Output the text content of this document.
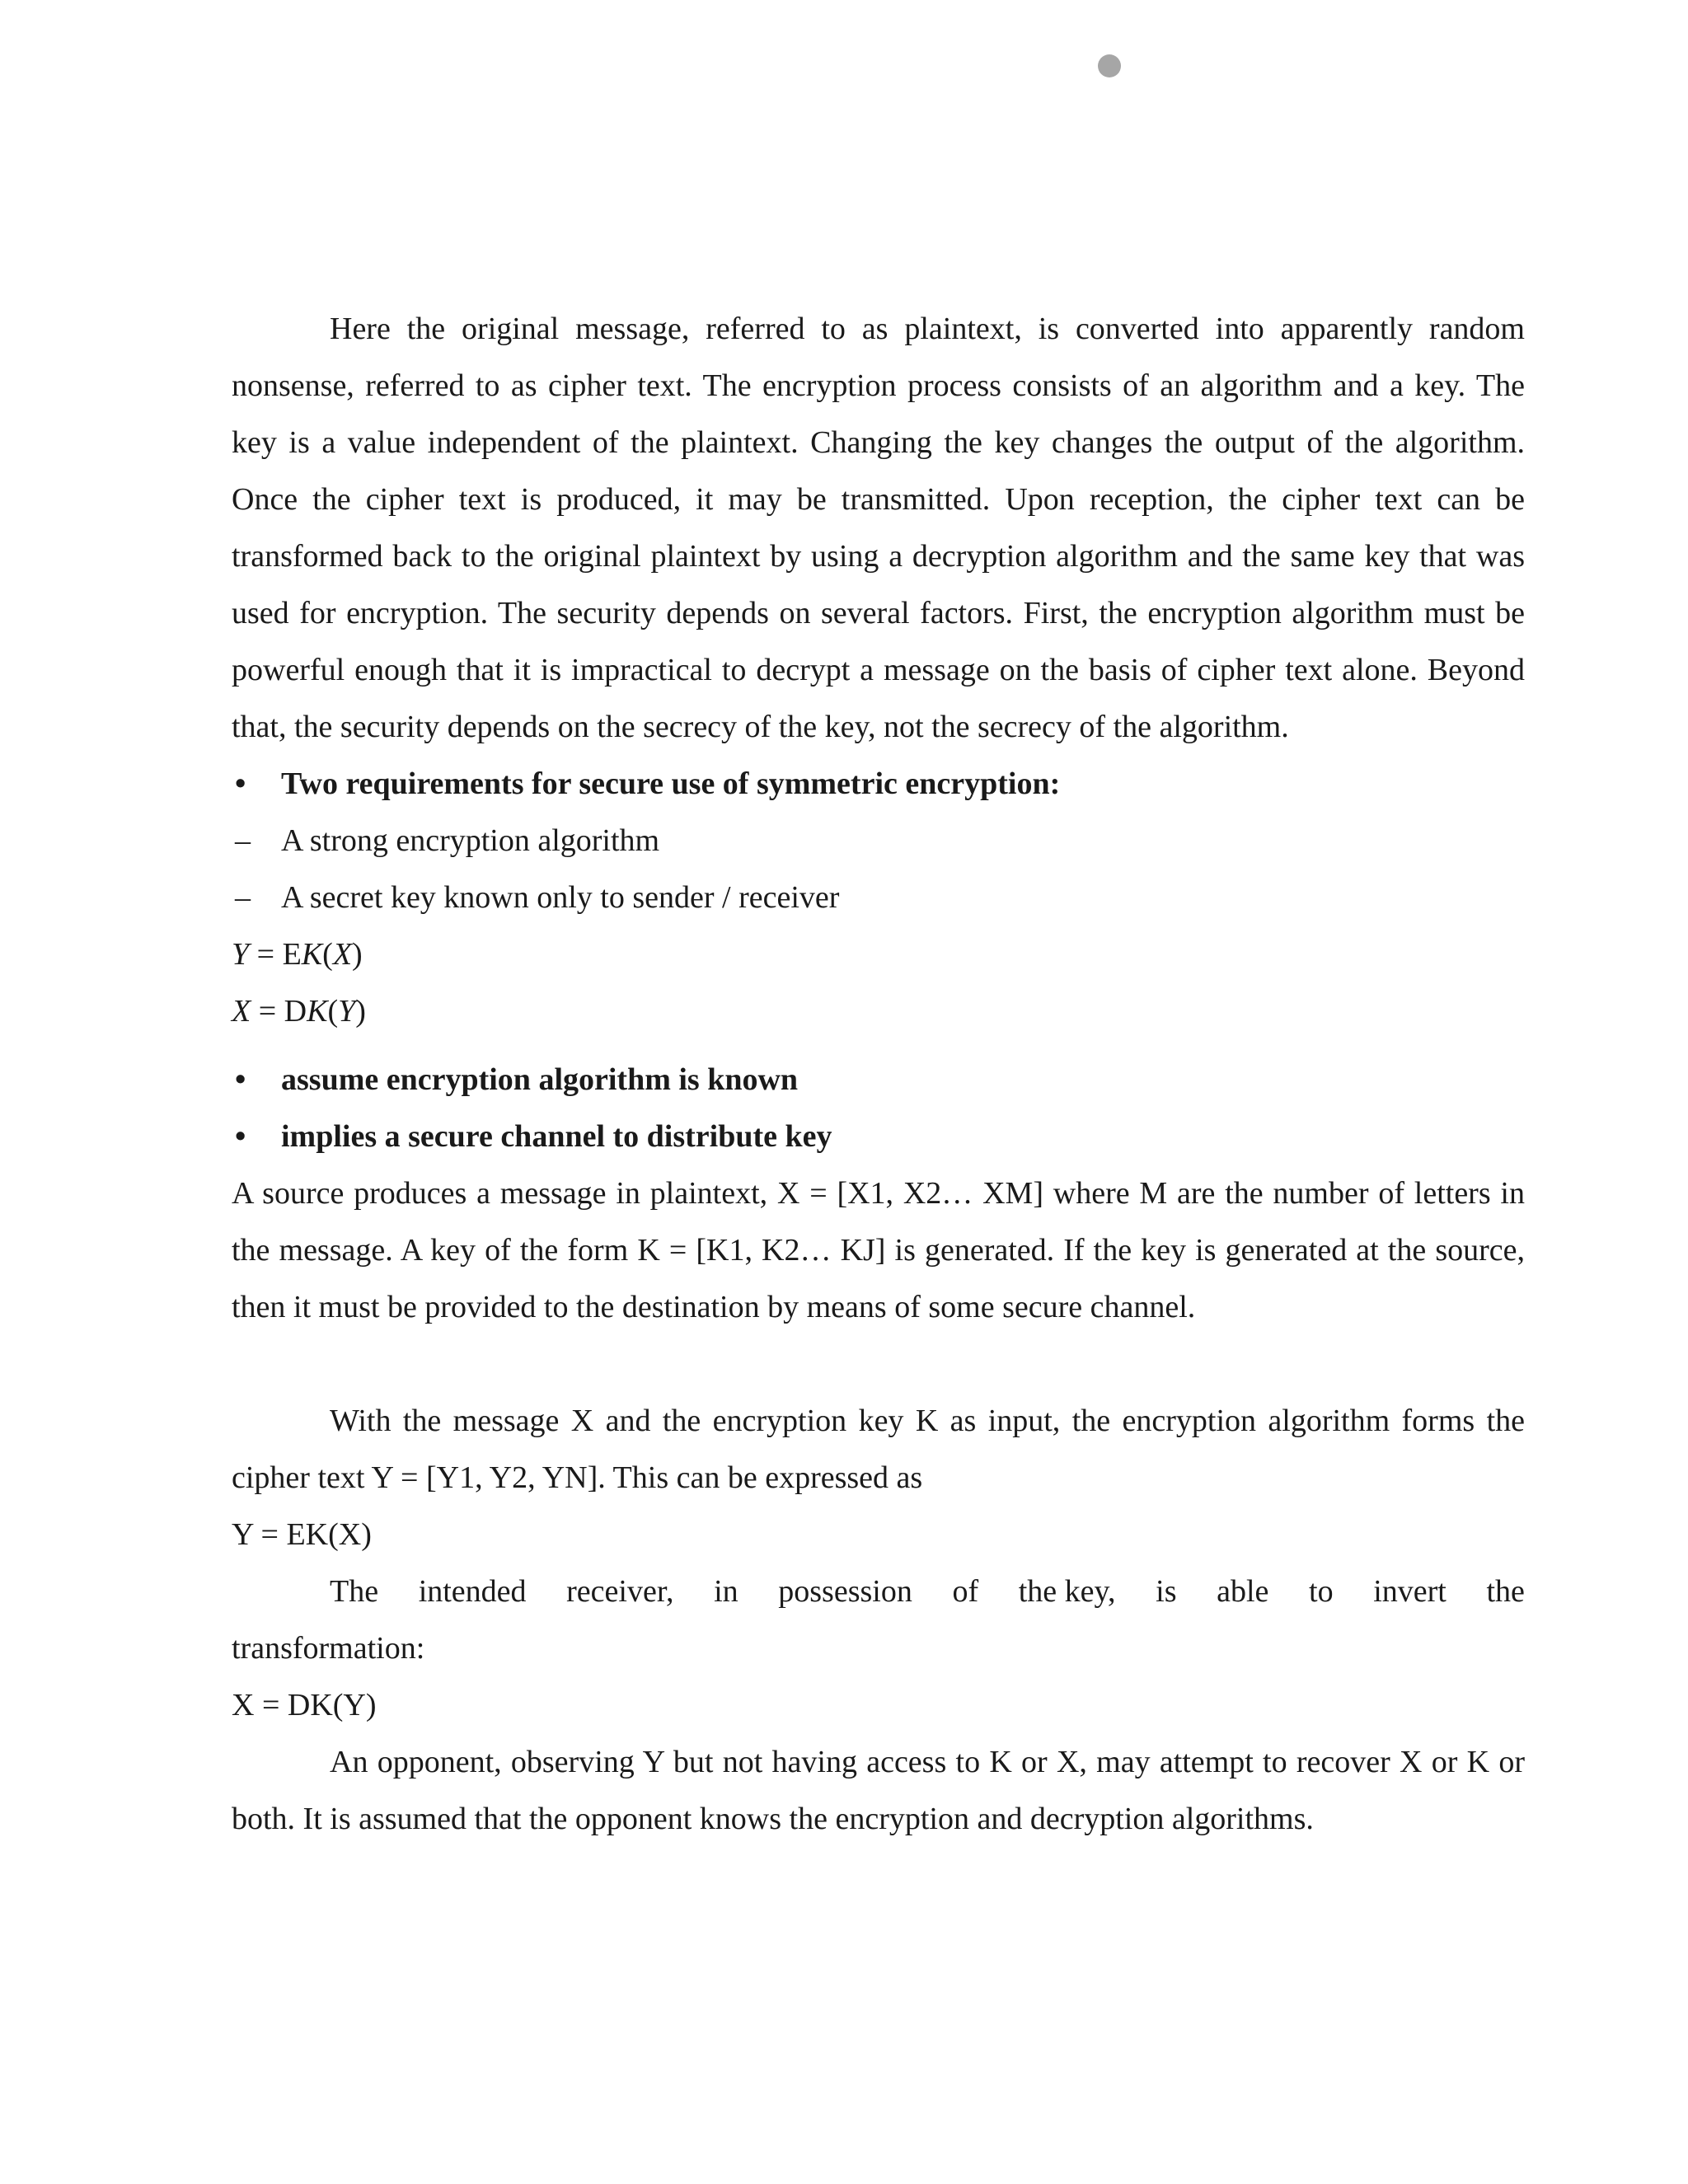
Here the original message, referred to as plaintext, is converted into apparently random nonsense, referred to as cipher text. The encryption process consists of an algorithm and a key. The key is a value independent of the plaintext. Changing the key changes the output of the algorithm. Once the cipher text is produced, it may be transmitted. Upon reception, the cipher text can be transformed back to the original plaintext by using a decryption algorithm and the same key that was used for encryption. The security depends on several factors. First, the encryption algorithm must be powerful enough that it is impractical to decrypt a message on the basis of cipher text alone. Beyond that, the security depends on the secrecy of the key, not the secrecy of the algorithm.

• Two requirements for secure use of symmetric encryption:
– A strong encryption algorithm
– A secret key known only to sender / receiver
Y = EK(X)
X = DK(Y)
• assume encryption algorithm is known
• implies a secure channel to distribute key

A source produces a message in plaintext, X = [X1, X2… XM] where M are the number of letters in the message. A key of the form K = [K1, K2… KJ] is generated. If the key is generated at the source, then it must be provided to the destination by means of some secure channel.

With the message X and the encryption key K as input, the encryption algorithm forms the cipher text Y = [Y1, Y2, YN]. This can be expressed as

Y = EK(X)
The intended receiver, in possession of the key, is able to invert the
transformation:
X = DK(Y)

An opponent, observing Y but not having access to K or X, may attempt to recover X or K or both. It is assumed that the opponent knows the encryption and decryption algorithms.
